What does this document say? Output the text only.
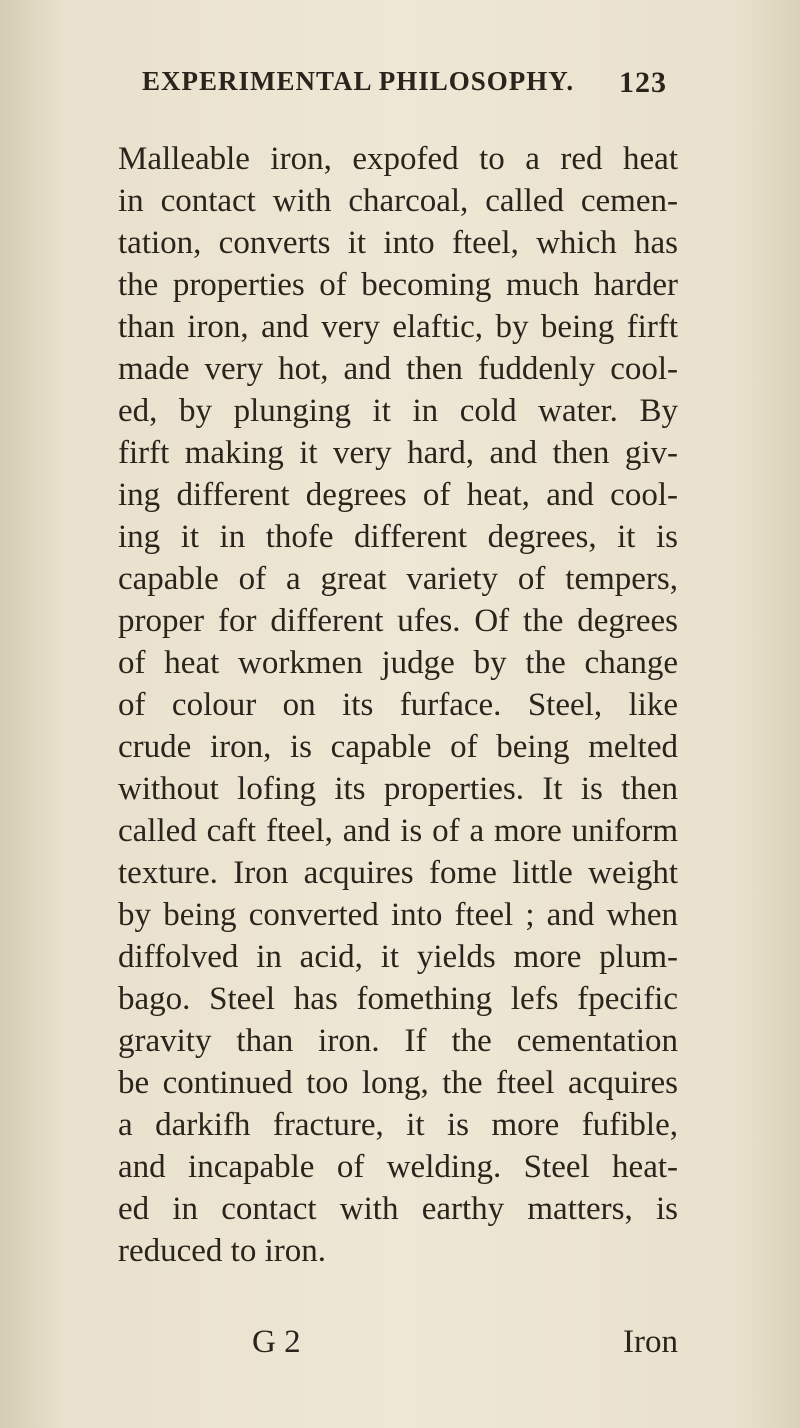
EXPERIMENTAL PHILOSOPHY. 123
Malleable iron, expofed to a red heat
in contact with charcoal, called cemen-
tation, converts it into fteel, which has
the properties of becoming much harder
than iron, and very elaftic, by being firft
made very hot, and then fuddenly cool-
ed, by plunging it in cold water. By
firft making it very hard, and then giv-
ing different degrees of heat, and cool-
ing it in thofe different degrees, it is
capable of a great variety of tempers,
proper for different ufes. Of the degrees
of heat workmen judge by the change
of colour on its furface. Steel, like
crude iron, is capable of being melted
without lofing its properties. It is then
called caft fteel, and is of a more uniform
texture. Iron acquires fome little weight
by being converted into fteel ; and when
diffolved in acid, it yields more plum-
bago. Steel has fomething lefs fpecific
gravity than iron. If the cementation
be continued too long, the fteel acquires
a darkifh fracture, it is more fufible,
and incapable of welding. Steel heat-
ed in contact with earthy matters, is
reduced to iron.
G 2	Iron
